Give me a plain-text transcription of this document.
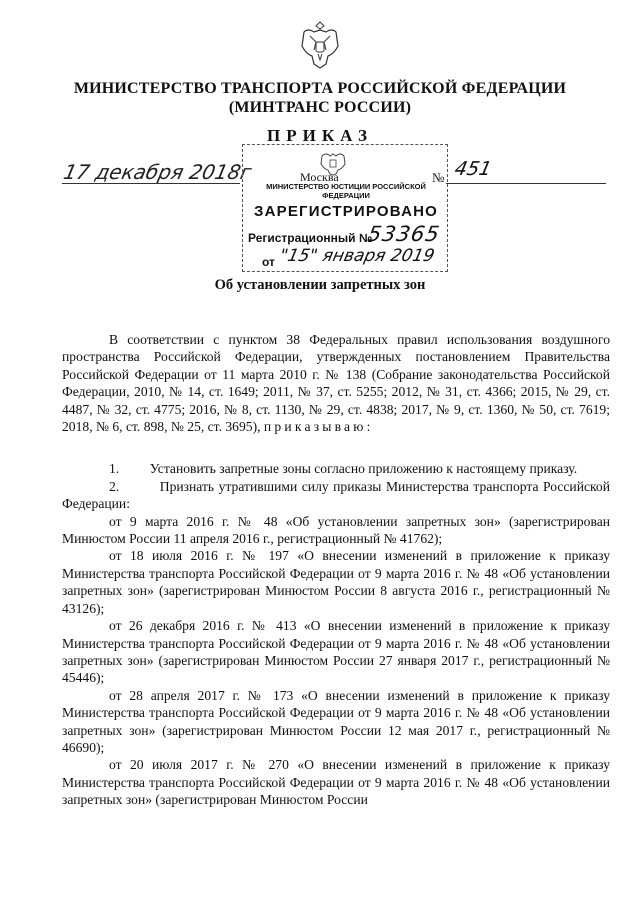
МИНИСТЕРСТВО ТРАНСПОРТА РОССИЙСКОЙ ФЕДЕРАЦИИ
(МИНТРАНС РОССИИ)
ПРИКАЗ
17 декабря 2018г	Москва	№ 451
МИНИСТЕРСТВО ЮСТИЦИИ РОССИЙСКОЙ ФЕДЕРАЦИИ
ЗАРЕГИСТРИРОВАНО
Регистрационный №
53365
от "15" января 2019
Об установлении запретных зон

В соответствии с пунктом 38 Федеральных правил использования воздушного пространства Российской Федерации, утвержденных постановлением Правительства Российской Федерации от 11 марта 2010 г. № 138 (Собрание законодательства Российской Федерации, 2010, № 14, ст. 1649; 2011, № 37, ст. 5255; 2012, № 31, ст. 4366; 2015, № 29, ст. 4487, № 32, ст. 4775; 2016, № 8, ст. 1130, № 29, ст. 4838; 2017, № 9, ст. 1360, № 50, ст. 7619; 2018, № 6, ст. 898, № 25, ст. 3695), приказываю:

1. Установить запретные зоны согласно приложению к настоящему приказу.

2.	Признать утратившими силу приказы Министерства транспорта Российской Федерации:

от 9 марта 2016 г. № 48 «Об установлении запретных зон» (зарегистрирован Минюстом России 11 апреля 2016 г., регистрационный № 41762);

от 18 июля 2016 г. № 197 «О внесении изменений в приложение к приказу Министерства транспорта Российской Федерации от 9 марта 2016 г. № 48 «Об установлении запретных зон» (зарегистрирован Минюстом России 8 августа 2016 г., регистрационный № 43126);

от 26 декабря 2016 г. № 413 «О внесении изменений в приложение к приказу Министерства транспорта Российской Федерации от 9 марта 2016 г. № 48 «Об установлении запретных зон» (зарегистрирован Минюстом России 27 января 2017 г., регистрационный № 45446);

от 28 апреля 2017 г. № 173 «О внесении изменений в приложение к приказу Министерства транспорта Российской Федерации от 9 марта 2016 г. № 48 «Об установлении запретных зон» (зарегистрирован Минюстом России 12 мая 2017 г., регистрационный № 46690);

от 20 июля 2017 г. № 270 «О внесении изменений в приложение к приказу Министерства транспорта Российской Федерации от 9 марта 2016 г. № 48 «Об установлении запретных зон» (зарегистрирован Минюстом России
